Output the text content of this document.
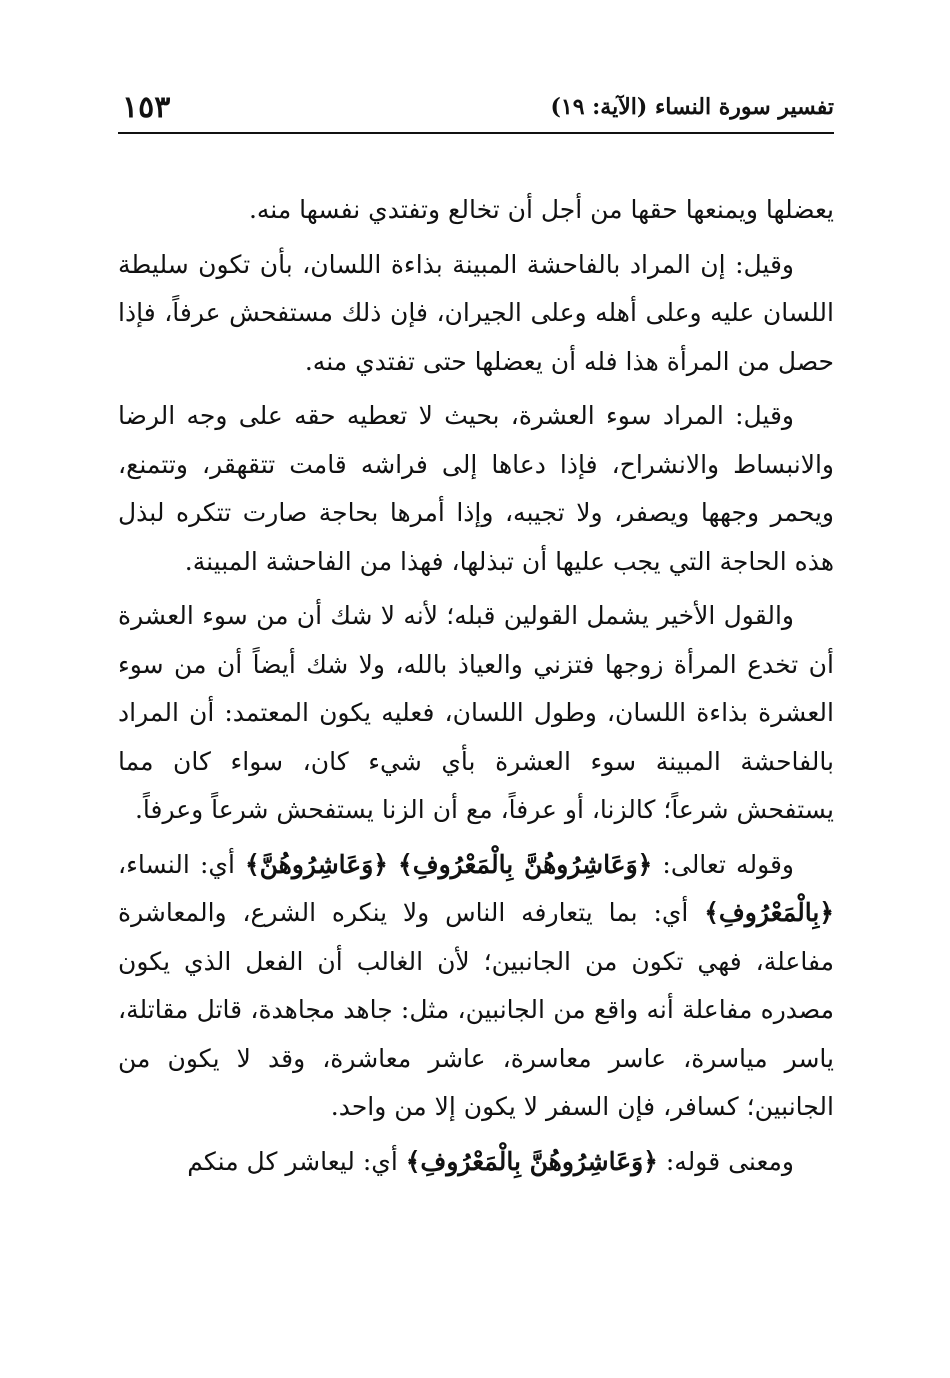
تفسير سورة النساء (الآية: ١٩)
١٥٣

يعضلها ويمنعها حقها من أجل أن تخالع وتفتدي نفسها منه.

وقيل: إن المراد بالفاحشة المبينة بذاءة اللسان، بأن تكون سليطة اللسان عليه وعلى أهله وعلى الجيران، فإن ذلك مستفحش عرفاً، فإذا حصل من المرأة هذا فله أن يعضلها حتى تفتدي منه.

وقيل: المراد سوء العشرة، بحيث لا تعطيه حقه على وجه الرضا والانبساط والانشراح، فإذا دعاها إلى فراشه قامت تتقهقر، وتتمنع، ويحمر وجهها ويصفر، ولا تجيبه، وإذا أمرها بحاجة صارت تتكره لبذل هذه الحاجة التي يجب عليها أن تبذلها، فهذا من الفاحشة المبينة.

والقول الأخير يشمل القولين قبله؛ لأنه لا شك أن من سوء العشرة أن تخدع المرأة زوجها فتزني والعياذ بالله، ولا شك أيضاً أن من سوء العشرة بذاءة اللسان، وطول اللسان، فعليه يكون المعتمد: أن المراد بالفاحشة المبينة سوء العشرة بأي شيء كان، سواء كان مما يستفحش شرعاً؛ كالزنا، أو عرفاً، مع أن الزنا يستفحش شرعاً وعرفاً.

وقوله تعالى: ﴿وَعَاشِرُوهُنَّ بِالْمَعْرُوفِ﴾ ﴿وَعَاشِرُوهُنَّ﴾ أي: النساء، ﴿بِالْمَعْرُوفِ﴾ أي: بما يتعارفه الناس ولا ينكره الشرع، والمعاشرة مفاعلة، فهي تكون من الجانبين؛ لأن الغالب أن الفعل الذي يكون مصدره مفاعلة أنه واقع من الجانبين، مثل: جاهد مجاهدة، قاتل مقاتلة، ياسر مياسرة، عاسر معاسرة، عاشر معاشرة، وقد لا يكون من الجانبين؛ كسافر، فإن السفر لا يكون إلا من واحد.

ومعنى قوله: ﴿وَعَاشِرُوهُنَّ بِالْمَعْرُوفِ﴾ أي: ليعاشر كل منكم
